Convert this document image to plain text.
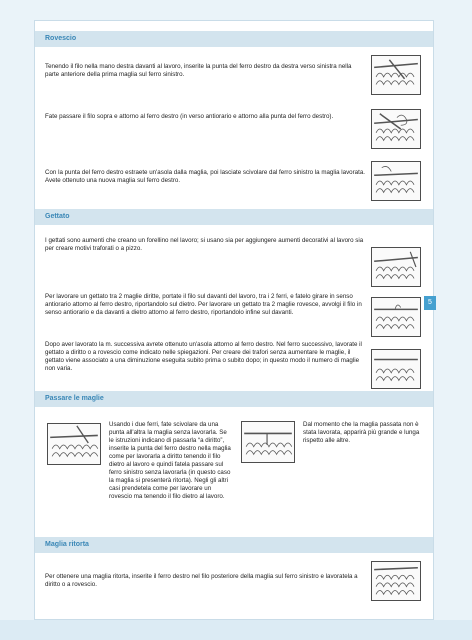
Rovescio
Tenendo il filo nella mano destra davanti al lavoro, inserite la punta del ferro destro da destra verso sinistra nella parte anteriore della prima maglia sul ferro sinistro.
Fate passare il filo sopra e attorno al ferro destro (in verso antiorario e attorno alla punta del ferro destro).
Con la punta del ferro destro estraete un'asola dalla maglia, poi lasciate scivolare dal ferro sinistro la maglia lavorata. Avete ottenuto una nuova maglia sul ferro destro.
Gettato
I gettati sono aumenti che creano un forellino nel lavoro; si usano sia per aggiungere aumenti decorativi al lavoro sia per creare motivi traforati o a pizzo.
Per lavorare un gettato tra 2 maglie diritte, portate il filo sul davanti del lavoro, tra i 2 ferri, e fatelo girare in senso antiorario attorno al ferro destro, riportandolo sul dietro. Per lavorare un gettato tra 2 maglie rovesce, avvolgi il filo in senso antiorario e da davanti a dietro attorno al ferro destro, riportandolo infine sul davanti.
Dopo aver lavorato la m. successiva avrete ottenuto un'asola attorno al ferro destro. Nel ferro successivo, lavorate il gettato a diritto o a rovescio come indicato nelle spiegazioni. Per creare dei trafori senza aumentare le maglie, il gettato viene associato a una diminuzione eseguita subito prima o subito dopo; in questo modo il numero di maglie non varia.
Passare le maglie
Usando i due ferri, fate scivolare da una punta all'altra la maglia senza lavorarla. Se le istruzioni indicano di passarla “a diritto”, inserite la punta del ferro destro nella maglia come per lavorarla a diritto tenendo il filo dietro al lavoro e quindi fatela passare sul ferro sinistro senza lavorarla (in questo caso la maglia si presenterà ritorta). Negli gli altri casi prendetela come per lavorare un rovescio ma tenendo il filo dietro al lavoro.
Dal momento che la maglia passata non è stata lavorata, apparirà più grande e lunga rispetto alle altre.
Maglia ritorta
Per ottenere una maglia ritorta, inserite il ferro destro nel filo posteriore della maglia sul ferro sinistro e lavoratela a diritto o a rovescio.
5
